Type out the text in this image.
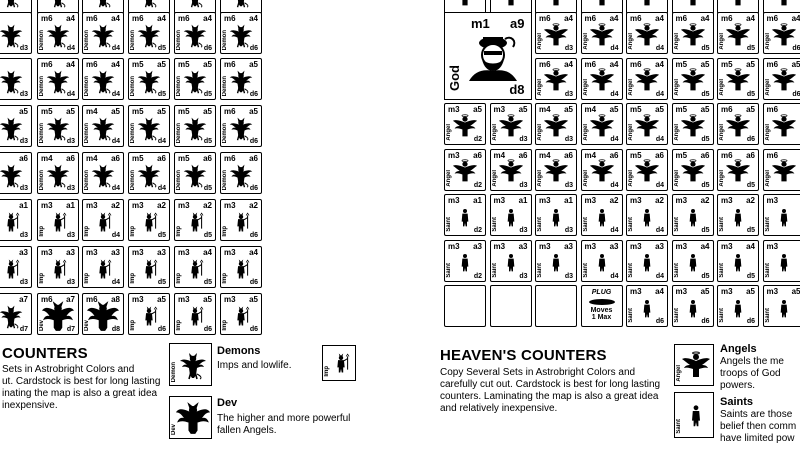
d3
m6 a4
d4
Demon
m6 a4
d4
Demon
m6 a4
d5
Demon
m6 a4
d6
Demon
m6 a4
d6
Demon
d3
m6 a4
d4
Demon
m6 a4
d4
Demon
m5 a5
d5
Demon
m5 a5
d5
Demon
m6 a5
d6
Demon
a5
d3
m5 a5
d3
Demon
m4 a5
d4
Demon
m5 a5
d4
Demon
m5 a5
d5
Demon
m6 a5
d6
Demon
a6
d3
m4 a6
d3
Demon
m4 a6
d4
Demon
m5 a6
d4
Demon
m5 a6
d5
Demon
m6 a6
d6
Demon
a1
d3
m3 a1
d3
Imp
m3 a2
d4
Imp
m3 a2
d5
Imp
m3 a2
d5
Imp
m3 a2
d6
Imp
a3
d3
m3 a3
d3
Imp
m3 a3
d4
Imp
m3 a3
d5
Imp
m3 a4
d5
Imp
m3 a4
d6
Imp
a7
d7
m6 a7
d7
Dev
m6 a8
d8
Dev
m3 a5
d6
Imp
m3 a5
d6
Imp
m3 a5
d6
Imp
COUNTERS
Sets in Astrobright Colors and
ut. Cardstock is best for long lasting
inating the map is also a great idea
inexpensive.
Demon
Demons
Imps and lowlife.
Imp
Dev
Dev
The higher and more powerful
fallen Angels.
m1 a9
d8
God
m6 a4
d3
Angel
m6 a4
d4
Angel
m6 a4
d4
Angel
m6 a4
d5
Angel
m6 a4
d5
Angel
m6 a4
d6
Angel
m6 a4
d3
Angel
m6 a4
d4
Angel
m6 a4
d4
Angel
m5 a5
d5
Angel
m5 a5
d5
Angel
m6 a5
d6
Angel
m3 a5
d2
Angel
m3 a5
d3
Angel
m4 a5
d3
Angel
m4 a5
d4
Angel
m5 a5
d4
Angel
m5 a5
d5
Angel
m6 a5
d6
Angel
m6
Angel
m3 a6
d2
Angel
m4 a6
d3
Angel
m4 a6
d3
Angel
m4 a6
d4
Angel
m5 a6
d4
Angel
m5 a6
d5
Angel
m6 a6
d5
Angel
m6
Angel
m3 a1
d2
Saint
m3 a1
d3
Saint
m3 a1
d3
Saint
m3 a2
d4
Saint
m3 a2
d4
Saint
m3 a2
d5
Saint
m3 a2
d5
Saint
m3
Saint
m3 a3
d2
Saint
m3 a3
d3
Saint
m3 a3
d3
Saint
m3 a3
d4
Saint
m3 a3
d4
Saint
m3 a4
d5
Saint
m3 a4
d5
Saint
m3
Saint
PLUG
Moves
1 Max
m3 a4
d6
Saint
m3 a5
d6
Saint
m3 a5
d6
Saint
m3 a5
Saint
HEAVEN'S COUNTERS
Copy Several Sets in Astrobright Colors and
carefully cut out. Cardstock is best for long lasting
counters. Laminating the map is also a great idea
and relatively inexpensive.
Angel
Angels
Angels the me
troops of God
powers.
Saint
Saints
Saints are those
belief then comm
have limited pow
